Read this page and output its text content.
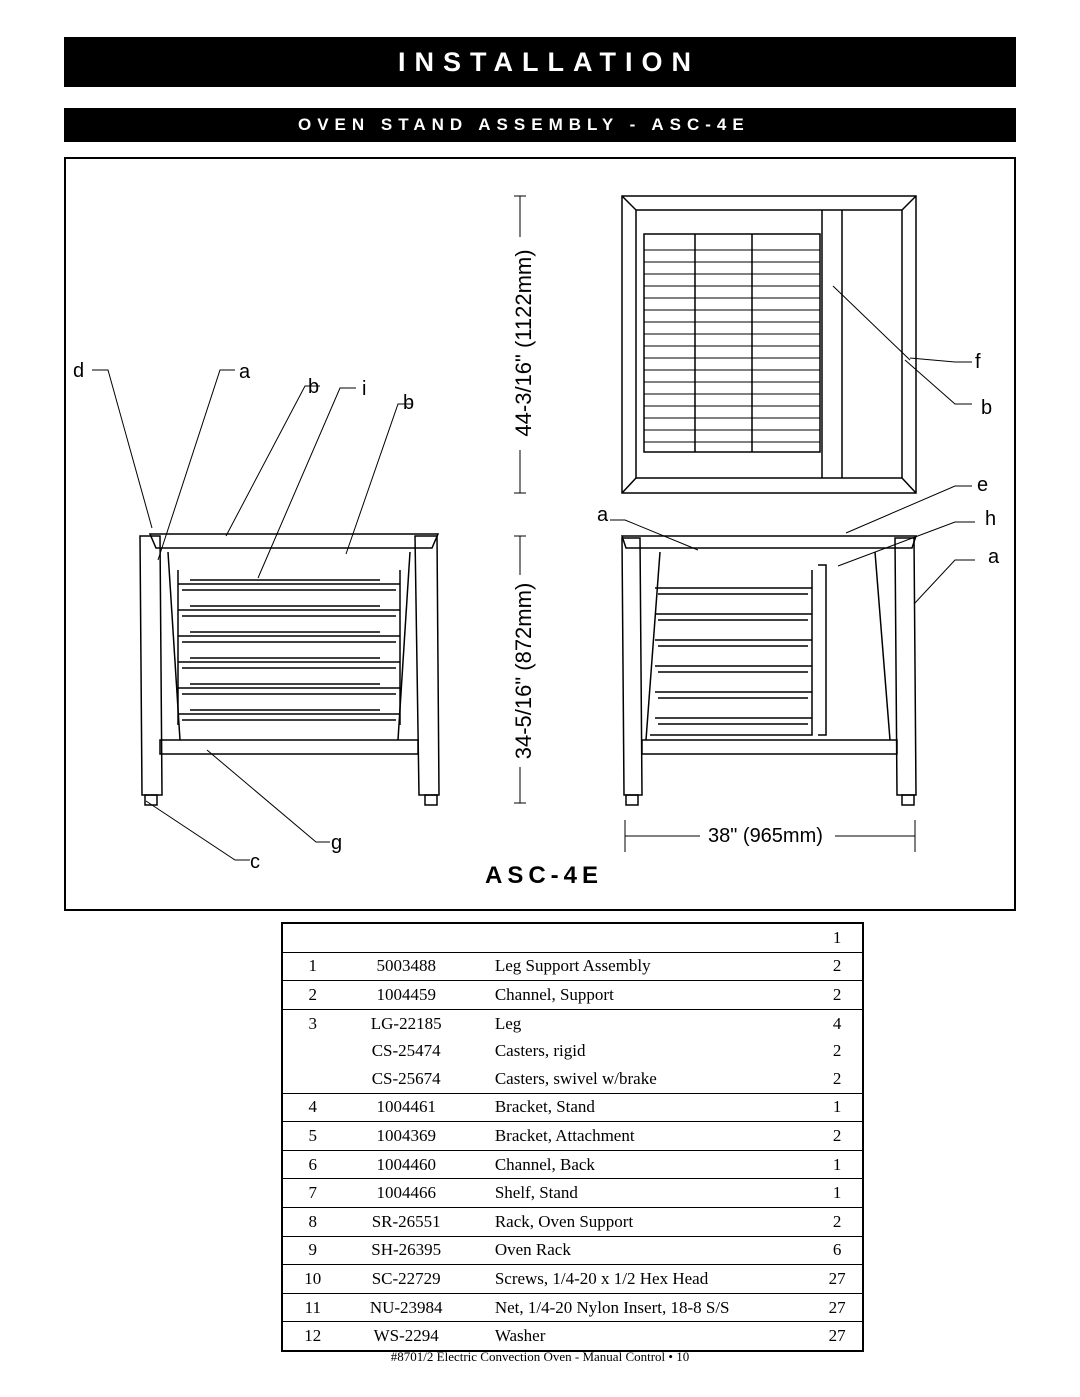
INSTALLATION
OVEN STAND ASSEMBLY - ASC-4E
d	a
b i
b
c
g
f
b
e
a	h
a
44-3/16" (1122mm)
34-5/16" (872mm)
38" (965mm)
ASC-4E
			1
1	5003488	Leg Support Assembly	2
2	1004459	Channel, Support	2
3	LG-22185	Leg	4
	CS-25474	Casters, rigid	2
	CS-25674	Casters, swivel w/brake	2
4	1004461	Bracket, Stand	1
5	1004369	Bracket, Attachment	2
6	1004460	Channel, Back	1
7	1004466	Shelf, Stand	1
8	SR-26551	Rack, Oven Support	2
9	SH-26395	Oven Rack	6
10	SC-22729	Screws, 1/4-20 x 1/2 Hex Head	27
11	NU-23984	Net, 1/4-20 Nylon Insert, 18-8 S/S	27
12	WS-2294	Washer	27
#8701/2 Electric Convection Oven - Manual Control • 10
